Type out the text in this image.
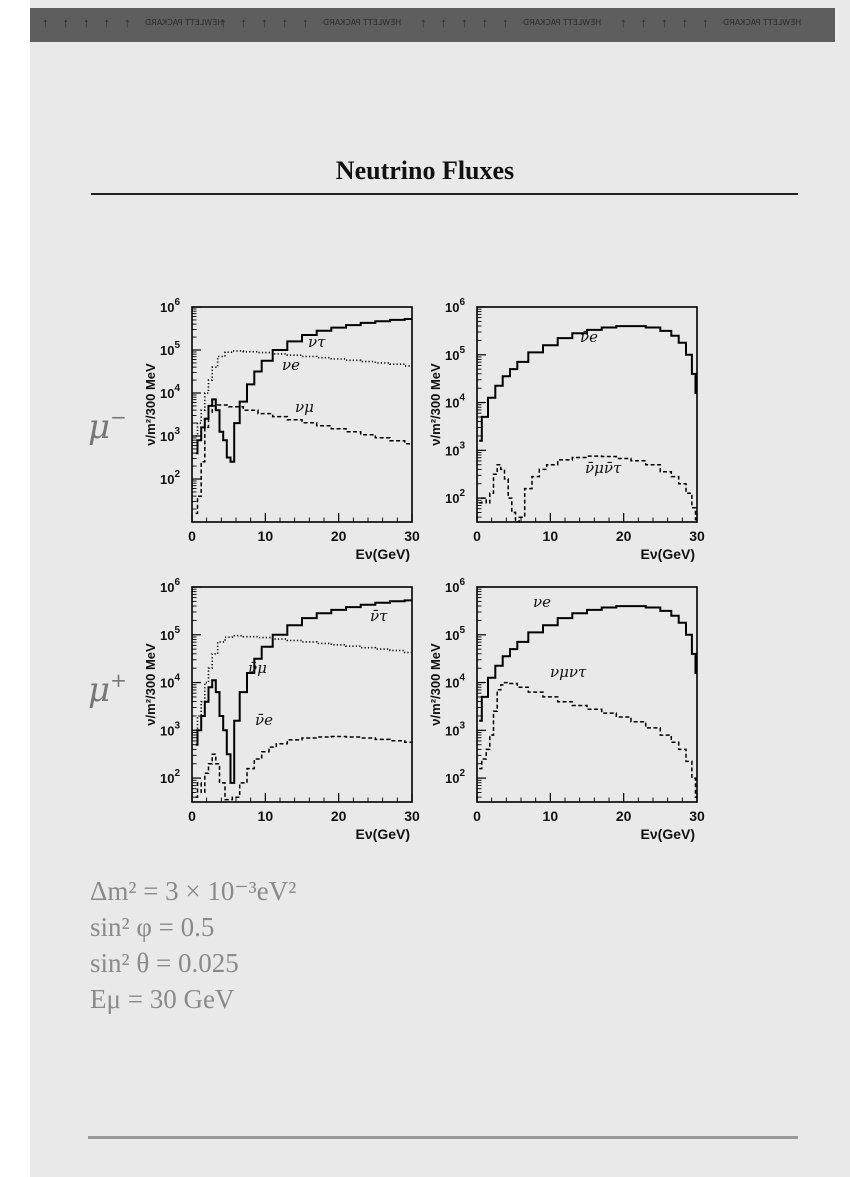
↑ ↑ ↑ ↑ ↑ HEWLETT PACKARD
↑ ↑ ↑ ↑ ↑ HEWLETT PACKARD ↑ ↑ ↑ ↑ ↑ HEWLETT PACKARD ↑ ↑ ↑ ↑ ↑ HEWLETT PACKARD
Neutrino Fluxes
μ−
μ+
$10^2$
$10^3$
$10^4$
$10^5$
$10^6$
0	10	20	30
Eν(GeV)
ν/m²/300 MeV
ντ
νe
νμ
$10^2$
$10^3$
$10^4$
$10^5$
$10^6$
0	10	20	30
Eν(GeV)
ν/m²/300 MeV
ν̄e
ν̄μν̄τ
$10^2$
$10^3$
$10^4$
$10^5$
$10^6$
0	10	20	30
Eν(GeV)
ν/m²/300 MeV
ν̄τ
ν̄μ
ν̄e
$10^2$
$10^3$
$10^4$
$10^5$
$10^6$
0	10	20	30
Eν(GeV)
ν/m²/300 MeV
νe
νμντ
Δm² = 3 × 10⁻³eV²
sin² φ = 0.5
sin² θ = 0.025
Eμ = 30 GeV
